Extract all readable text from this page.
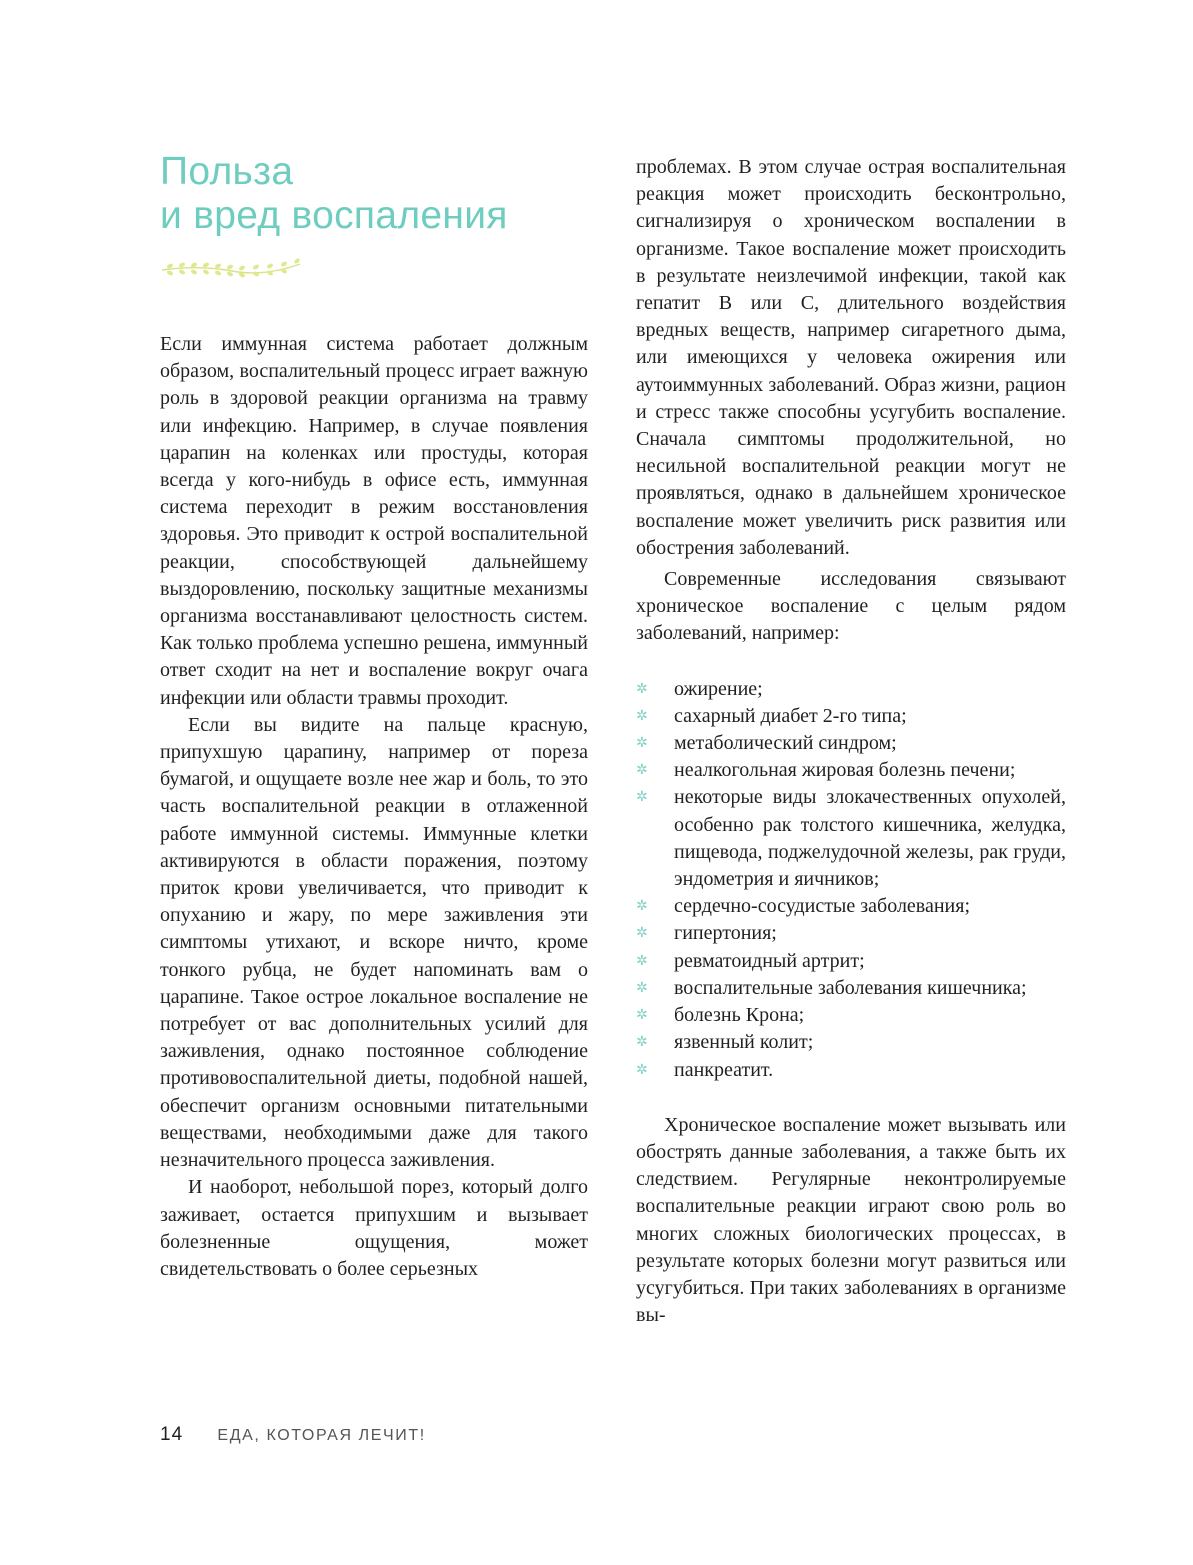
Польза
и вред воспаления

Если иммунная система работает должным образом, воспалительный процесс играет важную роль в здоровой реакции организма на травму или инфекцию. Например, в случае появления царапин на коленках или простуды, которая всегда у кого-нибудь в офисе есть, иммунная система переходит в режим восстановления здоровья. Это приводит к острой воспалительной реакции, способствующей дальнейшему выздоровлению, поскольку защитные механизмы организма восстанавливают целостность систем. Как только проблема успешно решена, иммунный ответ сходит на нет и воспаление вокруг очага инфекции или области травмы проходит.

Если вы видите на пальце красную, припухшую царапину, например от пореза бумагой, и ощущаете возле нее жар и боль, то это часть воспалительной реакции в отлаженной работе иммунной системы. Иммунные клетки активируются в области поражения, поэтому приток крови увеличивается, что приводит к опуханию и жару, по мере заживления эти симптомы утихают, и вскоре ничто, кроме тонкого рубца, не будет напоминать вам о царапине. Такое острое локальное воспаление не потребует от вас дополнительных усилий для заживления, однако постоянное соблюдение противовоспалительной диеты, подобной нашей, обеспечит организм основными питательными веществами, необходимыми даже для такого незначительного процесса заживления.

И наоборот, небольшой порез, который долго заживает, остается припухшим и вызывает болезненные ощущения, может свидетельствовать о более серьезных

проблемах. В этом случае острая воспалительная реакция может происходить бесконтрольно, сигнализируя о хроническом воспалении в организме. Такое воспаление может происходить в результате неизлечимой инфекции, такой как гепатит В или С, длительного воздействия вредных веществ, например сигаретного дыма, или имеющихся у человека ожирения или аутоиммунных заболеваний. Образ жизни, рацион и стресс также способны усугубить воспаление. Сначала симптомы продолжительной, но несильной воспалительной реакции могут не проявляться, однако в дальнейшем хроническое воспаление может увеличить риск развития или обострения заболеваний.

Современные исследования связывают хроническое воспаление с целым рядом заболеваний, например:

✲ ожирение;
✲ сахарный диабет 2-го типа;
✲ метаболический синдром;
✲ неалкогольная жировая болезнь печени;
✲ некоторые виды злокачественных опухолей, особенно рак толстого кишечника, желудка, пищевода, поджелудочной железы, рак груди, эндометрия и яичников;
✲ сердечно-сосудистые заболевания;
✲ гипертония;
✲ ревматоидный артрит;
✲ воспалительные заболевания кишечника;
✲ болезнь Крона;
✲ язвенный колит;
✲ панкреатит.

Хроническое воспаление может вызывать или обострять данные заболевания, а также быть их следствием. Регулярные неконтролируемые воспалительные реакции играют свою роль во многих сложных биологических процессах, в результате которых болезни могут развиться или усугубиться. При таких заболеваниях в организме вы-

14 ЕДА, КОТОРАЯ ЛЕЧИТ!
